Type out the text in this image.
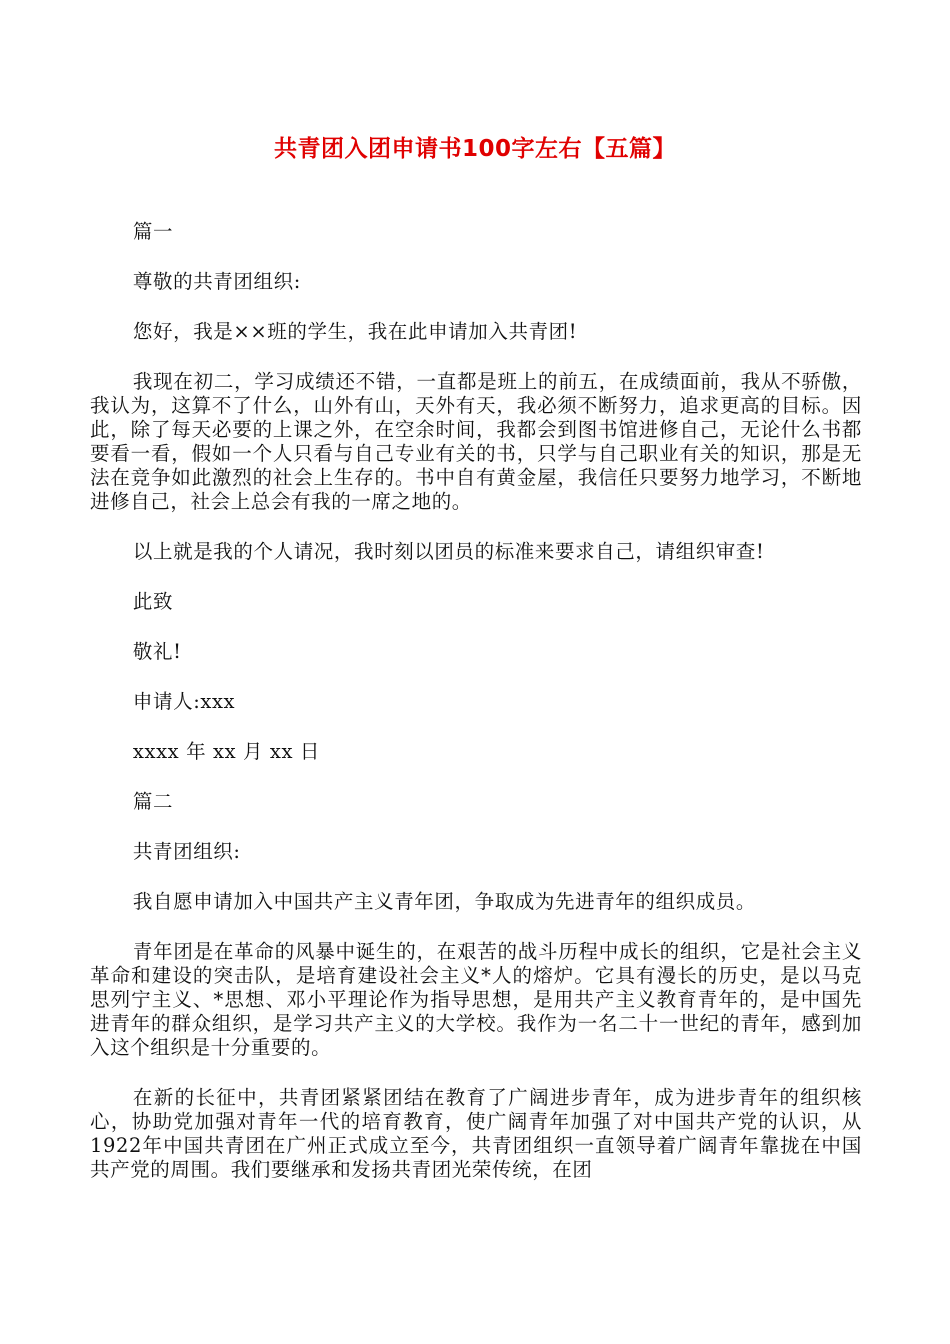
共青团入团申请书100字左右【五篇】

篇一

尊敬的共青团组织:

您好，我是××班的学生，我在此申请加入共青团!

我现在初二，学习成绩还不错，一直都是班上的前五，在成绩面前，我从不骄傲，我认为，这算不了什么，山外有山，天外有天，我必须不断努力，追求更高的目标。因此，除了每天必要的上课之外，在空余时间，我都会到图书馆进修自己，无论什么书都要看一看，假如一个人只看与自己专业有关的书，只学与自己职业有关的知识，那是无法在竞争如此激烈的社会上生存的。书中自有黄金屋，我信任只要努力地学习，不断地进修自己，社会上总会有我的一席之地的。

以上就是我的个人请况，我时刻以团员的标准来要求自己，请组织审查!

此致

敬礼!

申请人:xxx

xxxx 年 xx 月 xx 日

篇二

共青团组织:

我自愿申请加入中国共产主义青年团，争取成为先进青年的组织成员。

青年团是在革命的风暴中诞生的，在艰苦的战斗历程中成长的组织，它是社会主义革命和建设的突击队，是培育建设社会主义*人的熔炉。它具有漫长的历史，是以马克思列宁主义、*思想、邓小平理论作为指导思想，是用共产主义教育青年的，是中国先进青年的群众组织，是学习共产主义的大学校。我作为一名二十一世纪的青年，感到加入这个组织是十分重要的。

在新的长征中，共青团紧紧团结在教育了广阔进步青年，成为进步青年的组织核心，协助党加强对青年一代的培育教育，使广阔青年加强了对中国共产党的认识，从1922年中国共青团在广州正式成立至今，共青团组织一直领导着广阔青年靠拢在中国共产党的周围。我们要继承和发扬共青团光荣传统，在团
